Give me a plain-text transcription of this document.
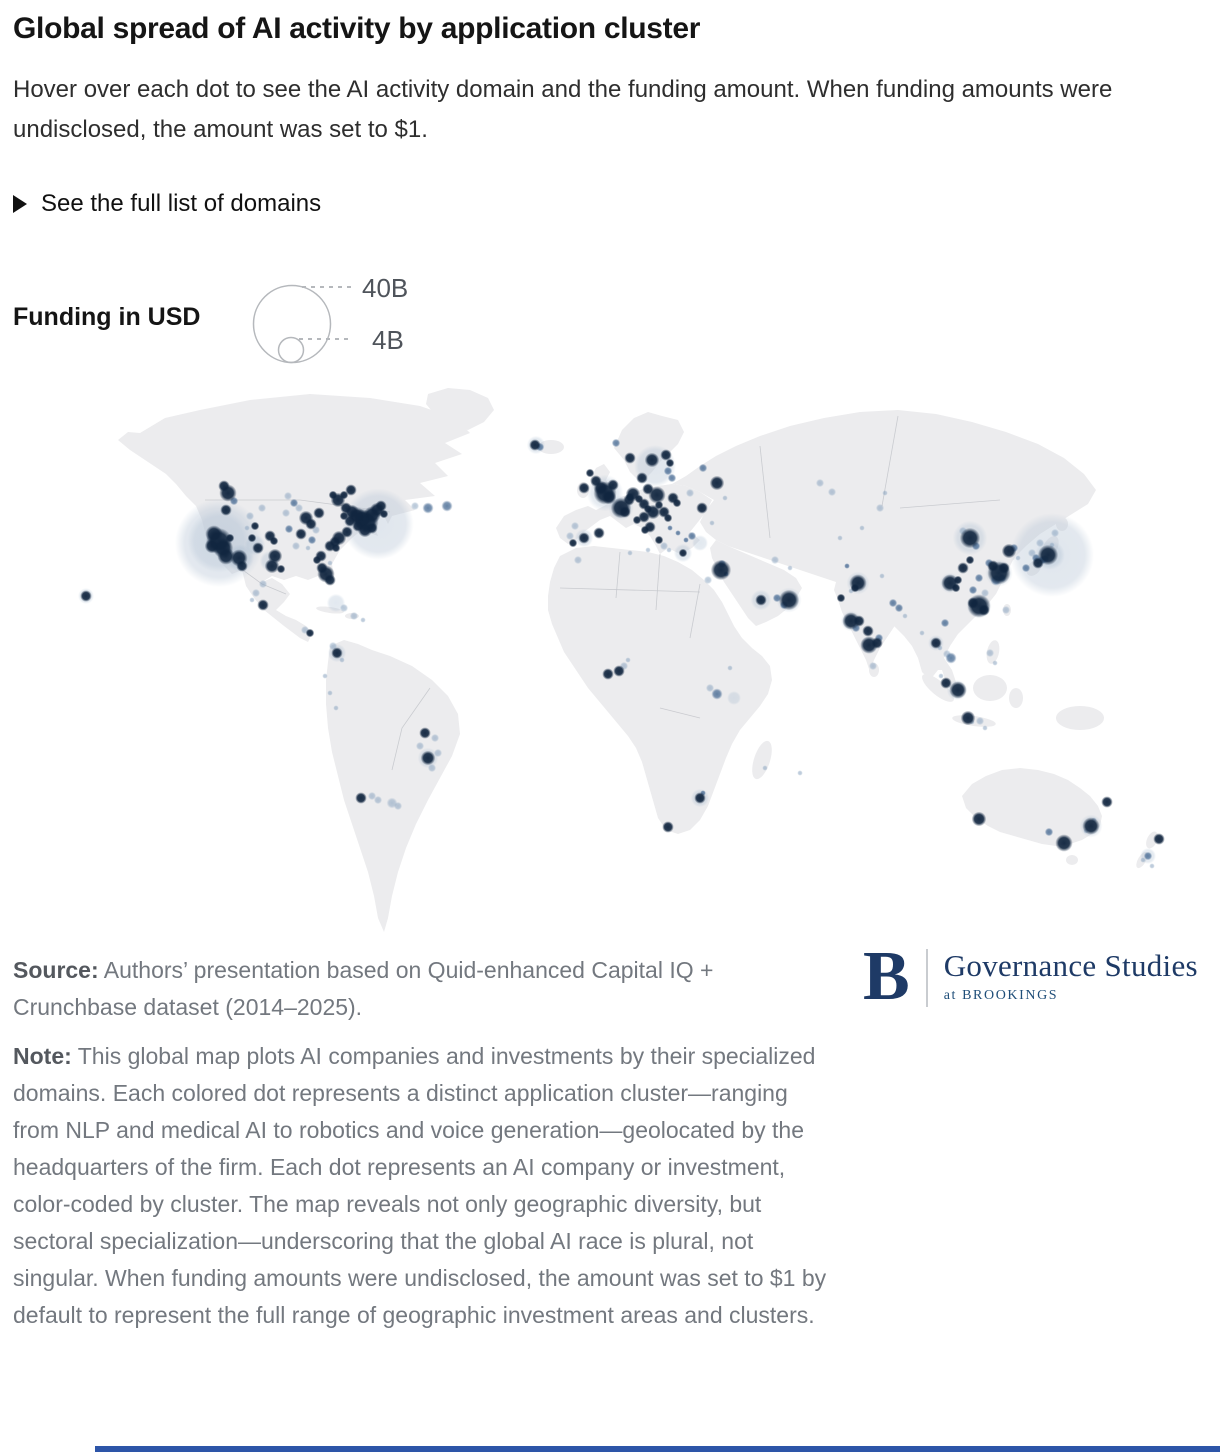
Global spread of AI activity by application cluster

Hover over each dot to see the AI activity domain and the funding amount. When funding amounts were undisclosed, the amount was set to $1.

See the full list of domains
Funding in USD
40B
4B

Source: Authors’ presentation based on Quid-enhanced Capital IQ + Crunchbase dataset (2014–2025).	B Governance Studies
at BROOKINGS

Note: This global map plots AI companies and investments by their specialized domains. Each colored dot represents a distinct application cluster—ranging from NLP and medical AI to robotics and voice generation—geolocated by the headquarters of the firm. Each dot represents an AI company or investment, color-coded by cluster. The map reveals not only geographic diversity, but sectoral specialization—underscoring that the global AI race is plural, not singular. When funding amounts were undisclosed, the amount was set to $1 by default to represent the full range of geographic investment areas and clusters.
